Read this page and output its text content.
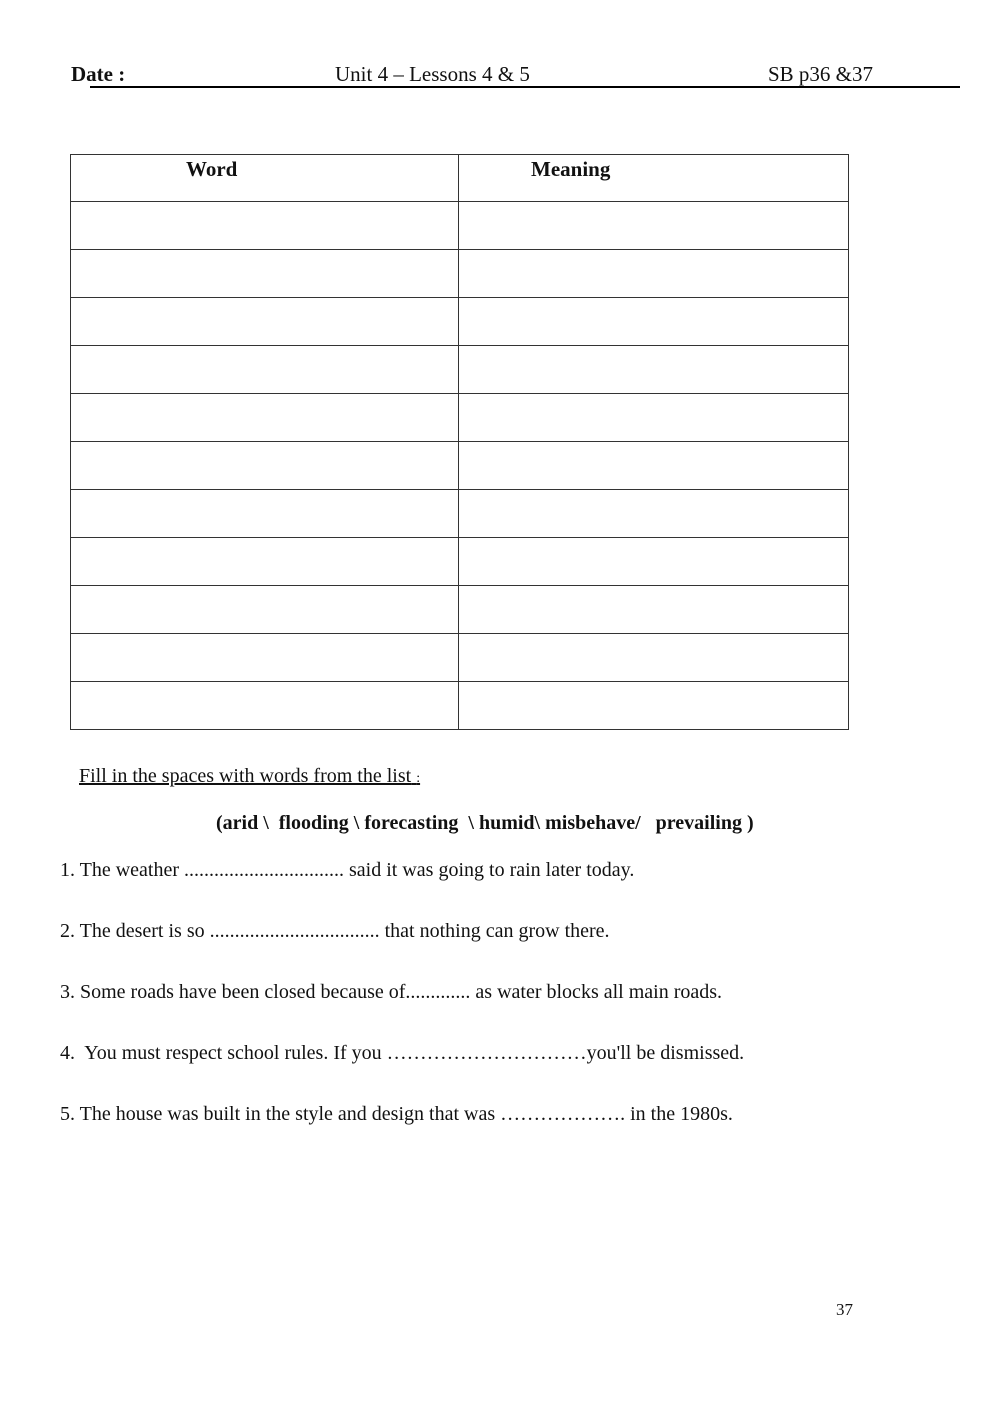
Date :	Unit 4 – Lessons 4 & 5	SB p36 &37
Word	Meaning

Fill in the spaces with words from the list :
(arid \  flooding \ forecasting  \ humid\ misbehave/   prevailing )
1. The weather ................................ said it was going to rain later today.
2. The desert is so .................................. that nothing can grow there.
3. Some roads have been closed because of............. as water blocks all main roads.
4.  You must respect school rules. If you …………………………you'll be dismissed.
5. The house was built in the style and design that was ………………. in the 1980s.
37
